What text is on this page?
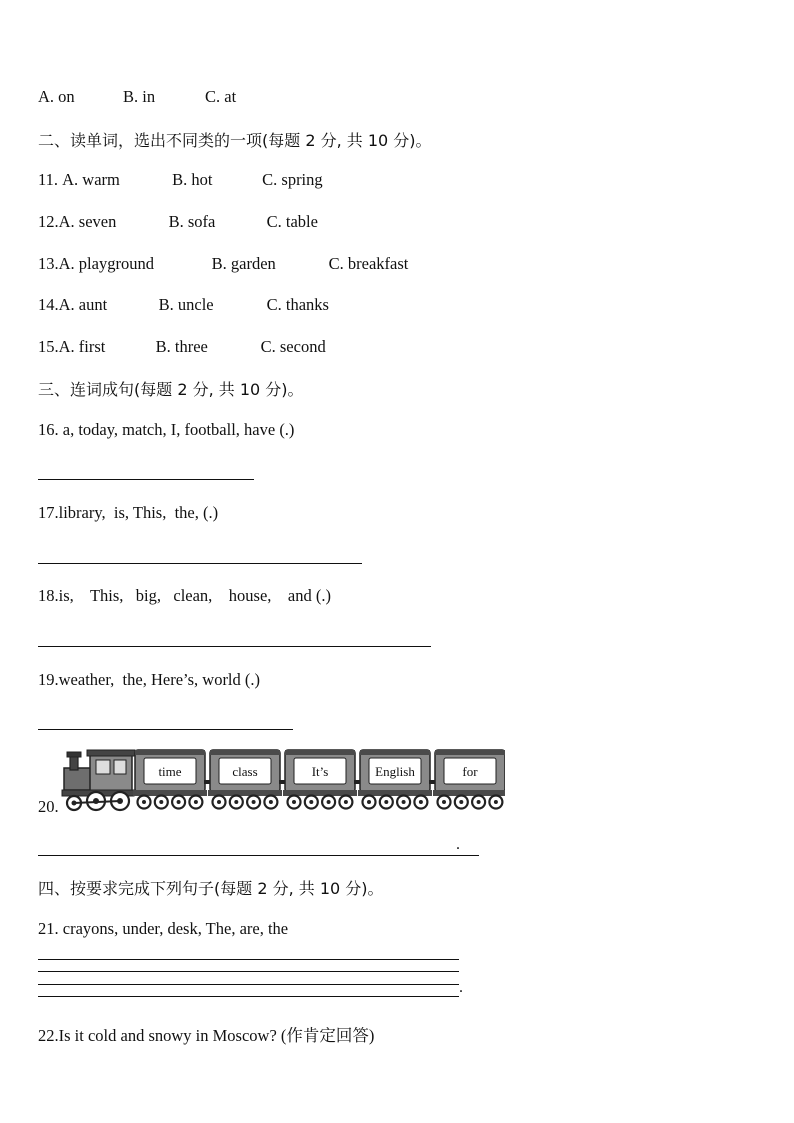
A. on	B. in	C. at
二、读单词，选出不同类的一项(每题 2 分, 共 10 分)。
11. A. warm	B. hot	C. spring
12.A. seven	B. sofa	C. table
13.A. playground	B. garden	C. breakfast
14.A. aunt	B. uncle	C. thanks
15.A. first	B. three	C. second
三、连词成句(每题 2 分, 共 10 分)。
16. a, today, match, I, football, have (.)
17.library,  is, This,  the, (.)
18.is,    This,   big,   clean,    house,    and (.)
19.weather,  the, Here’s, world (.)
20.
time	class	It’s	English	for
.
四、按要求完成下列句子(每题 2 分, 共 10 分)。
21. crayons, under, desk, The, are, the
.
22.Is it cold and snowy in Moscow? (作肯定回答)
